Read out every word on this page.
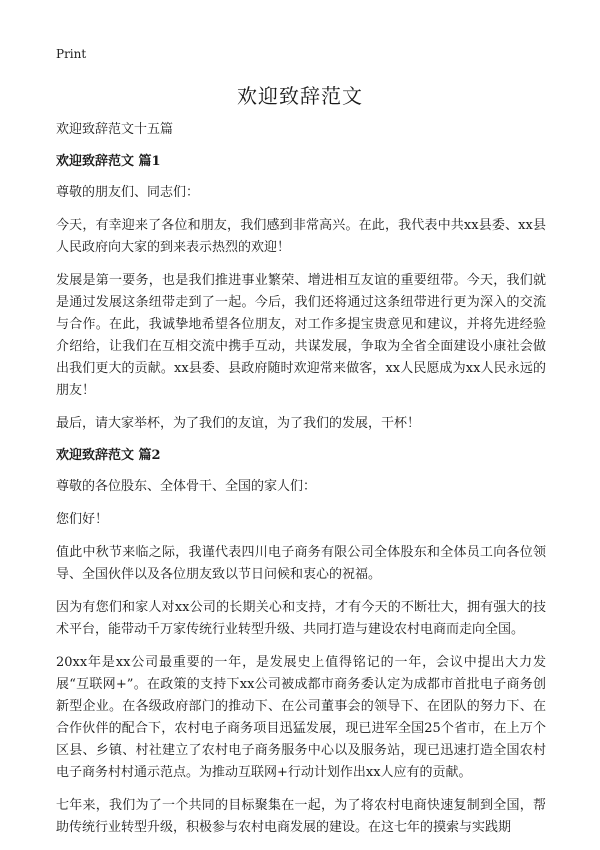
Print
欢迎致辞范文

欢迎致辞范文十五篇

欢迎致辞范文 篇1

尊敬的朋友们、同志们：

今天，有幸迎来了各位和朋友，我们感到非常高兴。在此，我代表中共xx县委、xx县人民政府向大家的到来表示热烈的欢迎！

发展是第一要务，也是我们推进事业繁荣、增进相互友谊的重要纽带。今天，我们就是通过发展这条纽带走到了一起。今后，我们还将通过这条纽带进行更为深入的交流与合作。在此，我诚挚地希望各位朋友，对工作多提宝贵意见和建议，并将先进经验介绍给，让我们在互相交流中携手互动，共谋发展，争取为全省全面建设小康社会做出我们更大的贡献。xx县委、县政府随时欢迎常来做客，xx人民愿成为xx人民永远的朋友！

最后，请大家举杯，为了我们的友谊，为了我们的发展，干杯！

欢迎致辞范文 篇2

尊敬的各位股东、全体骨干、全国的家人们：

您们好！

值此中秋节来临之际，我谨代表四川电子商务有限公司全体股东和全体员工向各位领导、全国伙伴以及各位朋友致以节日问候和衷心的祝福。

因为有您们和家人对xx公司的长期关心和支持，才有今天的不断壮大，拥有强大的技术平台，能带动千万家传统行业转型升级、共同打造与建设农村电商而走向全国。

20xx年是xx公司最重要的一年，是发展史上值得铭记的一年，会议中提出大力发展“互联网+”。在政策的支持下xx公司被成都市商务委认定为成都市首批电子商务创新型企业。在各级政府部门的推动下、在公司董事会的领导下、在团队的努力下、在合作伙伴的配合下，农村电子商务项目迅猛发展，现已进军全国25个省市，在上万个区县、乡镇、村社建立了农村电子商务服务中心以及服务站，现已迅速打造全国农村电子商务村村通示范点。为推动互联网+行动计划作出xx人应有的贡献。

七年来，我们为了一个共同的目标聚集在一起，为了将农村电商快速复制到全国，帮助传统行业转型升级，积极参与农村电商发展的建设。在这七年的摸索与实践期
